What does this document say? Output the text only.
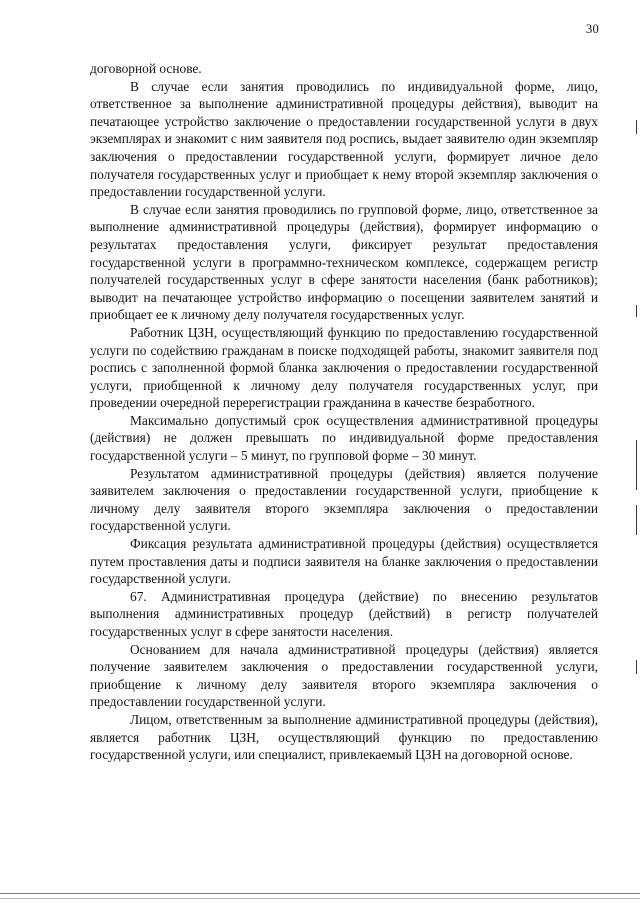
30

договорной основе.

В случае если занятия проводились по индивидуальной форме, лицо, ответственное за выполнение административной процедуры действия), выводит на печатающее устройство заключение о предоставлении государственной услуги в двух экземплярах и знакомит с ним заявителя под роспись, выдает заявителю один экземпляр заключения о предоставлении государственной услуги, формирует личное дело получателя государственных услуг и приобщает к нему второй экземпляр заключения о предоставлении государственной услуги.

В случае если занятия проводились по групповой форме, лицо, ответственное за выполнение административной процедуры (действия), формирует информацию о результатах предоставления услуги, фиксирует результат предоставления государственной услуги в программно-техническом комплексе, содержащем регистр получателей государственных услуг в сфере занятости населения (банк работников); выводит на печатающее устройство информацию о посещении заявителем занятий и приобщает ее к личному делу получателя государственных услуг.

Работник ЦЗН, осуществляющий функцию по предоставлению государственной услуги по содействию гражданам в поиске подходящей работы, знакомит заявителя под роспись с заполненной формой бланка заключения о предоставлении государственной услуги, приобщенной к личному делу получателя государственных услуг, при проведении очередной перерегистрации гражданина в качестве безработного.

Максимально допустимый срок осуществления административной процедуры (действия) не должен превышать по индивидуальной форме предоставления государственной услуги – 5 минут, по групповой форме – 30 минут.

Результатом административной процедуры (действия) является получение заявителем заключения о предоставлении государственной услуги, приобщение к личному делу заявителя второго экземпляра заключения о предоставлении государственной услуги.

Фиксация результата административной процедуры (действия) осуществляется путем проставления даты и подписи заявителя на бланке заключения о предоставлении государственной услуги.

67. Административная процедура (действие) по внесению результатов выполнения административных процедур (действий) в регистр получателей государственных услуг в сфере занятости населения.

Основанием для начала административной процедуры (действия) является получение заявителем заключения о предоставлении государственной услуги, приобщение к личному делу заявителя второго экземпляра заключения о предоставлении государственной услуги.

Лицом, ответственным за выполнение административной процедуры (действия), является работник ЦЗН, осуществляющий функцию по предоставлению государственной услуги, или специалист, привлекаемый ЦЗН на договорной основе.
